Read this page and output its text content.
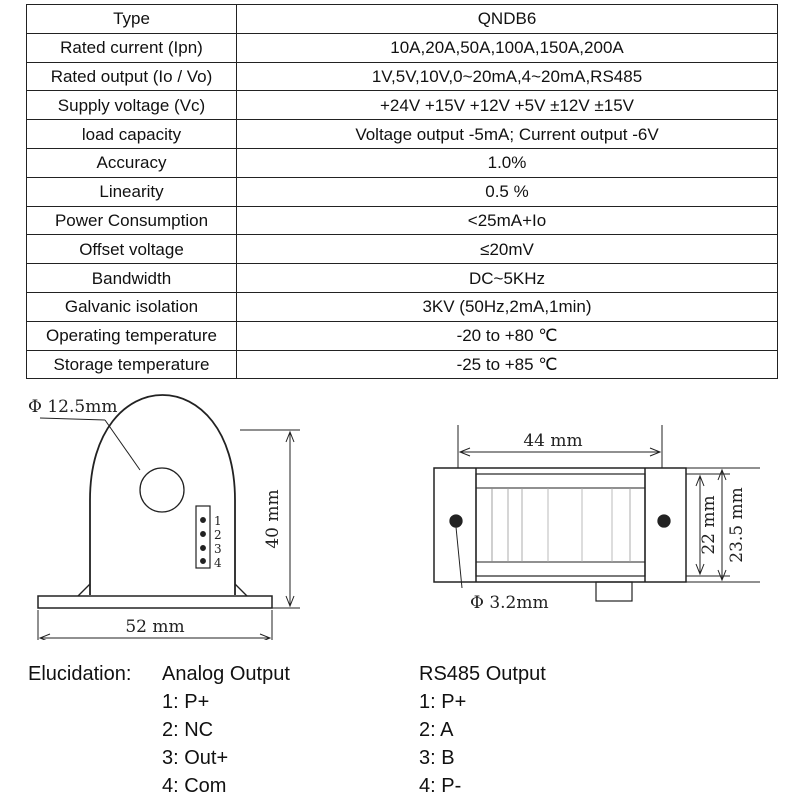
Type	QNDB6
Rated current (Ipn)	10A,20A,50A,100A,150A,200A
Rated output (Io / Vo)	1V,5V,10V,0~20mA,4~20mA,RS485
Supply voltage (Vc)	+24V +15V +12V +5V ±12V ±15V
load capacity	Voltage output -5mA; Current output -6V
Accuracy	1.0%
Linearity	0.5 %
Power Consumption	<25mA+Io
Offset voltage	≤20mV
Bandwidth	DC~5KHz
Galvanic isolation	3KV (50Hz,2mA,1min)
Operating temperature	-20 to +80 ℃
Storage temperature	-25 to +85 ℃
Φ 12.5mm
40 mm
52 mm
1
2
3
4
44 mm
22 mm 23.5 mm
Φ 3.2mm
Elucidation: Analog Output
1: P+
2: NC
3: Out+
4: Com
RS485 Output
1: P+
2: A
3: B
4: P-
